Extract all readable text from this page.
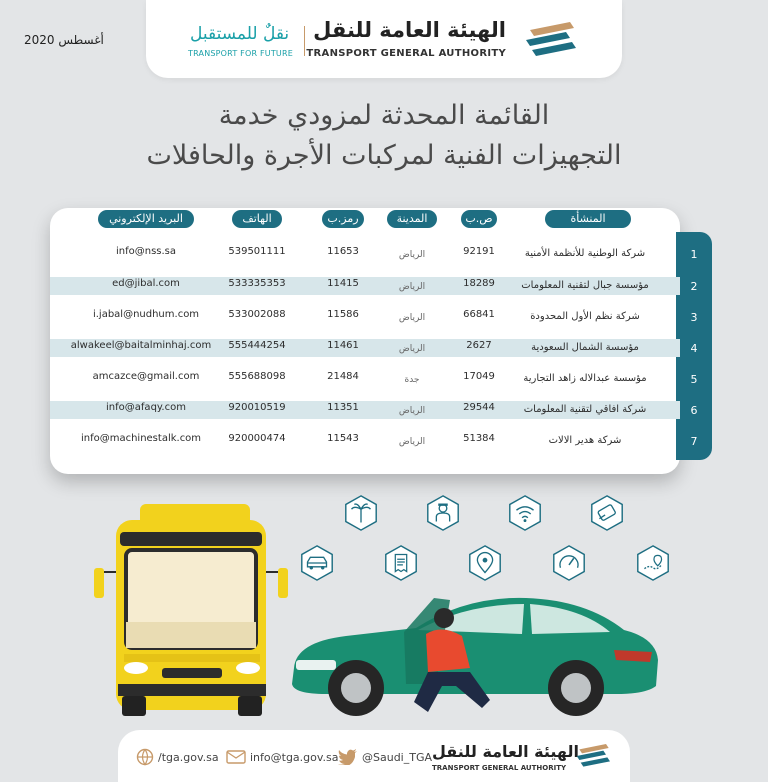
الهيئة العامة للنقل
TRANSPORT GENERAL AUTHORITY
نقلٌ للمستقبل
TRANSPORT FOR FUTURE
أغسطس 2020
القائمة المحدثة لمزودي خدمة
التجهيزات الفنية لمركبات الأجرة والحافلات
المنشأة
ص.ب
المدينة
رمز.ب
الهاتف
البريد الإلكتروني
1
شركة الوطنية للأنظمة الأمنية
92191
الرياض
11653
539501111
info@nss.sa
2
مؤسسة جبال لتقنية المعلومات
18289
الرياض
11415
533335353
ed@jibal.com
3
شركة نظم الأول المحدودة
66841
الرياض
11586
533002088
i.jabal@nudhum.com
4
مؤسسة الشمال السعودية
2627
الرياض
11461
555444254
alwakeel@baitalminhaj.com
5
مؤسسة عبدالاله زاهد التجارية
17049
جدة
21484
555688098
amcazce@gmail.com
6
شركة افاقي لتقنية المعلومات
29544
الرياض
11351
920010519
info@afaqy.com
7
شركة هدير الالات
51384
الرياض
11543
920000474
info@machinestalk.com
/tga.gov.sa	info@tga.gov.sa @Saudi_TGA الهيئة العامة للنقل
TRANSPORT GENERAL AUTHORITY
